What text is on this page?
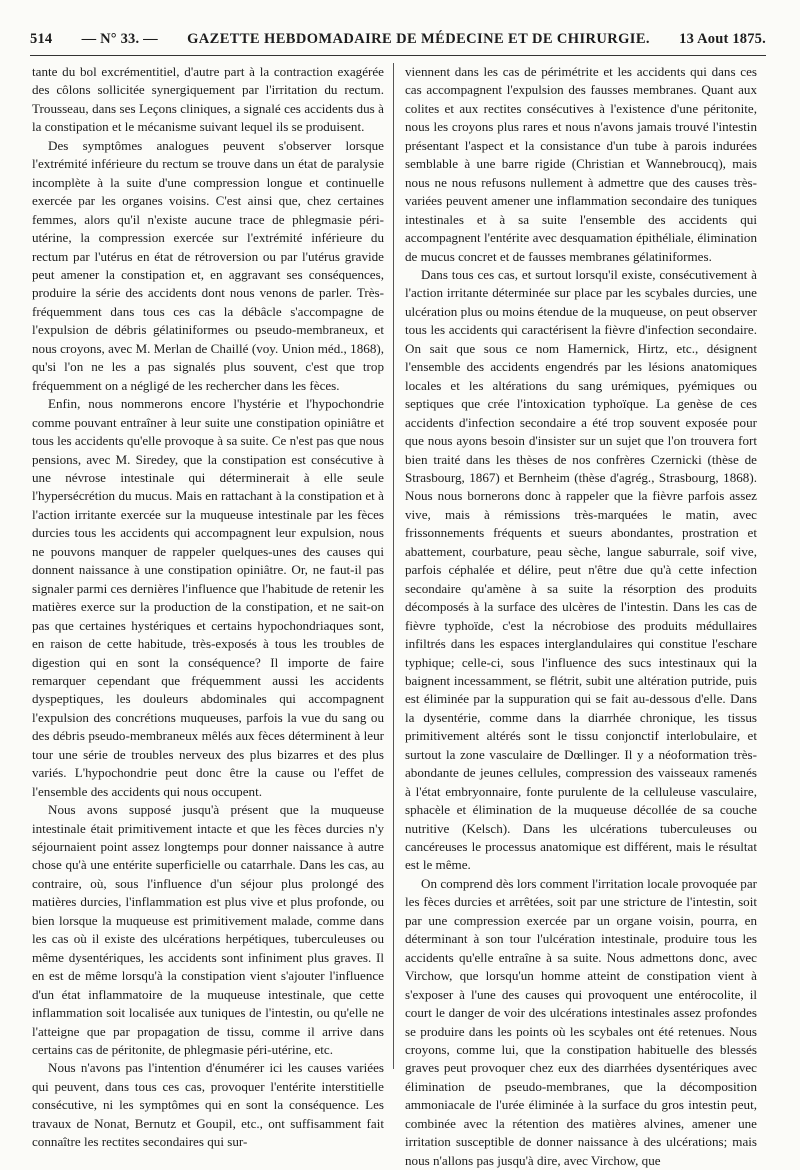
514 — N° 33. — GAZETTE HEBDOMADAIRE DE MÉDECINE ET DE CHIRURGIE. 13 Aout 1875.

tante du bol excrémentitiel, d'autre part à la contraction exagérée des côlons sollicitée synergiquement par l'irritation du rectum. Trousseau, dans ses Leçons cliniques, a signalé ces accidents dus à la constipation et le mécanisme suivant lequel ils se produisent.

Des symptômes analogues peuvent s'observer lorsque l'extrémité inférieure du rectum se trouve dans un état de paralysie incomplète à la suite d'une compression longue et continuelle exercée par les organes voisins. C'est ainsi que, chez certaines femmes, alors qu'il n'existe aucune trace de phlegmasie péri-utérine, la compression exercée sur l'extrémité inférieure du rectum par l'utérus en état de rétroversion ou par l'utérus gravide peut amener la constipation et, en aggravant ses conséquences, produire la série des accidents dont nous venons de parler. Très-fréquemment dans tous ces cas la débâcle s'accompagne de l'expulsion de débris gélatiniformes ou pseudo-membraneux, et nous croyons, avec M. Merlan de Chaillé (voy. Union méd., 1868), qu'si l'on ne les a pas signalés plus souvent, c'est que trop fréquemment on a négligé de les rechercher dans les fèces.

Enfin, nous nommerons encore l'hystérie et l'hypochondrie comme pouvant entraîner à leur suite une constipation opiniâtre et tous les accidents qu'elle provoque à sa suite. Ce n'est pas que nous pensions, avec M. Siredey, que la constipation est consécutive à une névrose intestinale qui déterminerait à elle seule l'hypersécrétion du mucus. Mais en rattachant à la constipation et à l'action irritante exercée sur la muqueuse intestinale par les fèces durcies tous les accidents qui accompagnent leur expulsion, nous ne pouvons manquer de rappeler quelques-unes des causes qui donnent naissance à une constipation opiniâtre. Or, ne faut-il pas signaler parmi ces dernières l'influence que l'habitude de retenir les matières exerce sur la production de la constipation, et ne sait-on pas que certaines hystériques et certains hypochondriaques sont, en raison de cette habitude, très-exposés à tous les troubles de digestion qui en sont la conséquence? Il importe de faire remarquer cependant que fréquemment aussi les accidents dyspeptiques, les douleurs abdominales qui accompagnent l'expulsion des concrétions muqueuses, parfois la vue du sang ou des débris pseudo-membraneux mêlés aux fèces déterminent à leur tour une série de troubles nerveux des plus bizarres et des plus variés. L'hypochondrie peut donc être la cause ou l'effet de l'ensemble des accidents qui nous occupent.

Nous avons supposé jusqu'à présent que la muqueuse intestinale était primitivement intacte et que les fèces durcies n'y séjournaient point assez longtemps pour donner naissance à autre chose qu'à une entérite superficielle ou catarrhale. Dans les cas, au contraire, où, sous l'influence d'un séjour plus prolongé des matières durcies, l'inflammation est plus vive et plus profonde, ou bien lorsque la muqueuse est primitivement malade, comme dans les cas où il existe des ulcérations herpétiques, tuberculeuses ou même dysentériques, les accidents sont infiniment plus graves. Il en est de même lorsqu'à la constipation vient s'ajouter l'influence d'un état inflammatoire de la muqueuse intestinale, que cette inflammation soit localisée aux tuniques de l'intestin, ou qu'elle ne l'atteigne que par propagation de tissu, comme il arrive dans certains cas de péritonite, de phlegmasie péri-utérine, etc.

Nous n'avons pas l'intention d'énumérer ici les causes variées qui peuvent, dans tous ces cas, provoquer l'entérite interstitielle consécutive, ni les symptômes qui en sont la conséquence. Les travaux de Nonat, Bernutz et Goupil, etc., ont suffisamment fait connaître les rectites secondaires qui sur-

viennent dans les cas de périmétrite et les accidents qui dans ces cas accompagnent l'expulsion des fausses membranes. Quant aux colites et aux rectites consécutives à l'existence d'une péritonite, nous les croyons plus rares et nous n'avons jamais trouvé l'intestin présentant l'aspect et la consistance d'un tube à parois indurées semblable à une barre rigide (Christian et Wannebroucq), mais nous ne nous refusons nullement à admettre que des causes très-variées peuvent amener une inflammation secondaire des tuniques intestinales et à sa suite l'ensemble des accidents qui accompagnent l'entérite avec desquamation épithéliale, élimination de mucus concret et de fausses membranes gélatiniformes.

Dans tous ces cas, et surtout lorsqu'il existe, consécutivement à l'action irritante déterminée sur place par les scybales durcies, une ulcération plus ou moins étendue de la muqueuse, on peut observer tous les accidents qui caractérisent la fièvre d'infection secondaire. On sait que sous ce nom Hamernick, Hirtz, etc., désignent l'ensemble des accidents engendrés par les lésions anatomiques locales et les altérations du sang urémiques, pyémiques ou septiques que crée l'intoxication typhoïque. La genèse de ces accidents d'infection secondaire a été trop souvent exposée pour que nous ayons besoin d'insister sur un sujet que l'on trouvera fort bien traité dans les thèses de nos confrères Czernicki (thèse de Strasbourg, 1867) et Bernheim (thèse d'agrég., Strasbourg, 1868). Nous nous bornerons donc à rappeler que la fièvre parfois assez vive, mais à rémissions très-marquées le matin, avec frissonnements fréquents et sueurs abondantes, prostration et abattement, courbature, peau sèche, langue saburrale, soif vive, parfois céphalée et délire, peut n'être due qu'à cette infection secondaire qu'amène à sa suite la résorption des produits décomposés à la surface des ulcères de l'intestin. Dans les cas de fièvre typhoïde, c'est la nécrobiose des produits médullaires infiltrés dans les espaces interglandulaires qui constitue l'eschare typhique; celle-ci, sous l'influence des sucs intestinaux qui la baignent incessamment, se flétrit, subit une altération putride, puis est éliminée par la suppuration qui se fait au-dessous d'elle. Dans la dysentérie, comme dans la diarrhée chronique, les tissus primitivement altérés sont le tissu conjonctif interlobulaire, et surtout la zone vasculaire de Dœllinger. Il y a néoformation très-abondante de jeunes cellules, compression des vaisseaux ramenés à l'état embryonnaire, fonte purulente de la celluleuse vasculaire, sphacèle et élimination de la muqueuse décollée de sa couche nutritive (Kelsch). Dans les ulcérations tuberculeuses ou cancéreuses le processus anatomique est différent, mais le résultat est le même.

On comprend dès lors comment l'irritation locale provoquée par les fèces durcies et arrêtées, soit par une stricture de l'intestin, soit par une compression exercée par un organe voisin, pourra, en déterminant à son tour l'ulcération intestinale, produire tous les accidents qu'elle entraîne à sa suite. Nous admettons donc, avec Virchow, que lorsqu'un homme atteint de constipation vient à s'exposer à l'une des causes qui provoquent une entérocolite, il court le danger de voir des ulcérations intestinales assez profondes se produire dans les points où les scybales ont été retenues. Nous croyons, comme lui, que la constipation habituelle des blessés graves peut provoquer chez eux des diarrhées dysentériques avec élimination de pseudo-membranes, que la décomposition ammoniacale de l'urée éliminée à la surface du gros intestin peut, combinée avec la rétention des matières alvines, amener une irritation susceptible de donner naissance à des ulcérations; mais nous n'allons pas jusqu'à dire, avec Virchow, que
